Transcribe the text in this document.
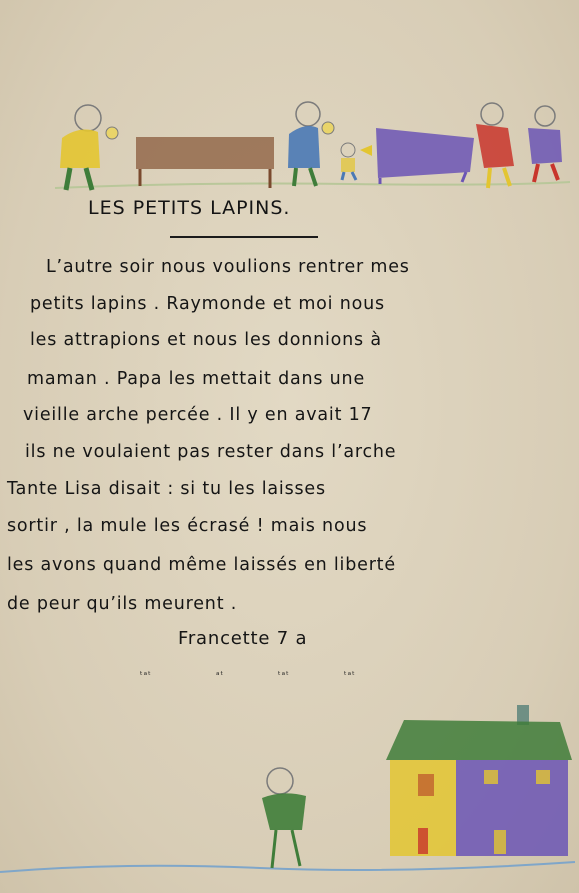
LES PETITS LAPINS.
L’autre soir nous voulions rentrer mes
petits lapins . Raymonde et moi nous
les attrapions et nous les donnions à
maman . Papa les mettait dans une
vieille arche percée . Il y en avait 17
ils ne voulaient pas rester dans l’arche
Tante Lisa disait : si tu les laisses
sortir , la mule les écrasé ! mais nous
les avons quand même laissés en liberté
de peur qu’ils meurent .
Francette 7 a
ᵗᵃᵗ	ᵃᵗ	ᵗᵃᵗ	ᵗᵃᵗ
